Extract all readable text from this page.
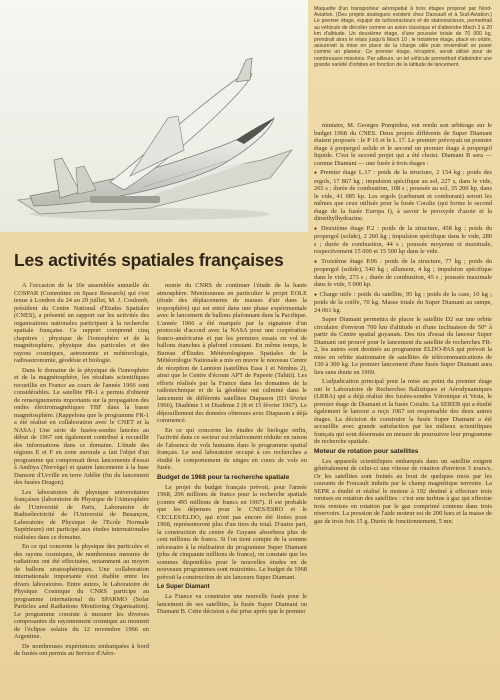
Maquette d'un transporteur aérospatial à trois étages proposé par Nord-Aviation. (Des projets analogues existent chez Dassault et à Sud-Aviation.) Le premier étage, équipé de turboréacteurs et de statoréacteurs, permettrait au véhicule de décoller comme un avion classique et d'atteindre Mach 3 à 20 km d'altitude. Un deuxième étage, d'une poussée totale de 70 000 kg, prendrait alors le relais jusqu'à Mach 10 ; le troisième étage, placé en orbite, assurerait la mise en place de la charge utile puis reviendrait se poser comme un planeur. Ce premier étage, récupéré, serait utilisé pour de nombreuses missions. Par ailleurs, un tel véhicule permettrait d'atteindre une grande variété d'orbites en fonction de la latitude de lancement.
Les activités spatiales françaises

A l'occasion de la 10e assemblée annuelle du COSPAR (Committee on Space Research) qui s'est tenue à Londres du 24 au 29 juillet, M. J. Coulomb, président du Centre National d'Etudes Spatiales (CNES), a présenté un rapport sur les activités des organisations nationales participant à la recherche spatiale française. Ce rapport comprend cinq chapitres : physique de l'ionosphère et de la magnétosphère, physique des particules et des rayons cosmiques, astronomie et météorologie, radioastronomie, géodésie et biologie.

Dans le domaine de la physique de l'ionosphère et de la magnétosphère, les résultats scientifiques recueillis en France au cours de l'année 1966 sont considérables. Le satellite FR-1 a permis d'obtenir de renseignements importants sur la propagation des ondes électromagnétiques TBF dans la basse magnétosphère. (Rappelons que le programme FR-1 a été réalisé en collaboration avec le CNET et la NASA.) Une série de fusées-sondes lancées au début de 1967 ont également contribué à recueillir des informations dans ce domaine. L'étude des régions E et F en zone aurorale a fait l'objet d'un programme qui comprenait deux lancements d'essai à Andöya (Norvège) et quatre lancements à la base Dumont d'Urville en terre Adélie (fin du lancement des fusées Dragon).

Les laboratoires de physique universitaires françaises (laboratoire de Physique de l'Atmosphère de l'Université de Paris, Laboratoire de Radioélectricité de l'Université de Besançon, Laboratoire de Physique de l'Ecole Normale Supérieure) ont participé aux études internationales réalisées dans ce domaine.

En ce qui concerne la physique des particules et des rayons cosmiques, de nombreuses mesures de radiations ont été effectuées, notamment au moyen de ballons stratosphériques. Une collaboration internationale importante s'est établie entre les divers laboratoires. Entre autres, le Laboratoire de Physique Cosmique du CNRS participe au programme international du SPARMO (Solar Particles and Radiations Monitoring Organisation). Le programme consiste à mesurer les diverses composantes du rayonnement cosmique au moment de l'éclipse solaire du 12 novembre 1966 en Argentine.

De nombreuses expériences embarquées à bord de fusées ont permis au Service d'Aéro-

nomie du CNRS de continuer l'étude de la haute atmosphère. Mentionnons en particulier le projet EOLE (étude des déplacements de masses d'air dans la troposphère) qui est entré dans une phase expérimentale avec le lancement de ballons plafonnant dans la Pacifique. L'année 1966 a été marquée par la signature d'un protocole d'accord avec la NASA pour une coopération franco-américaine et par les premiers essais en vol de ballons étanches à plafond constant. En même temps, le Bureau d'Études Météorologiques Spatiales de la Météorologie Nationale a mis en œuvre le nouveau Centre de réception de Lannion (satellites Essa 1 et Nimbus 2), ainsi que le Centre d'écoute APT de Papeete (Tahiti). Les efforts réalisés par la France dans les domaines de la radiotechnique et de la géodésie ont culminé dans le lancement de différents satellites Diapason (D1 février 1966), Diadème 1 et Diadème 2 (8 et 15 février 1967). Le dépouillement des données obtenues avec Diapason a déjà commencé.

En ce qui concerne les études de biologie enfin, l'activité dans ce secteur est relativement réduite en raison de l'absence de vols humains dans le programme spatial français. Le seul laboratoire occupé à ces recherches a étudié le comportement de singes en cours de vols en fusée.

Budget de 1968 pour la recherche spatiale

Le projet du budget français prévoit, pour l'année 1968, 296 millions de francs pour la recherche spatiale (contre 495 millions de francs en 1967). Il est probable que les dépenses pour le CNES/ESRO et le CECLES/ELDO, qui n'ont pas encore été fixées pour 1968, représenteront plus d'un tiers du total. D'autre part, la construction du centre de Guyane absorbera plus de cent millions de francs. Si l'on tient compte de la somme nécessaire à la réalisation du programme Super Diamant (plus de cinquante millions de francs), on constate que les sommes disponibles pour le nouvelles études en de nouveaux programmes sont restreintes. Le budget de 1968 prévoit la construction de six lanceurs Super Diamant.

Le Super Diamant

La France va construire une nouvelle fusée pour le lancement de ses satellites, la fusée Super Diamant ou Diamant B. Cette décision a été prise après que le premier

ministre, M. Georges Pompidou, eut rendu son arbitrage sur le budget 1968 du CNES. Deux projets différents de Super Diamant étaient proposés : le P 16 et le L 17. Le premier prévoyait un premier étage à propergol solide et le second un premier étage à propergol liquide. C'est le second projet qui a été choisi. Diamant B sera — comme Diamant — une fusée à trois étages :

● Premier étage L.17 : poids de la structure, 2 154 kg ; poids des ergols, 17 867 kg ; impulsion spécifique au sol, 227 s, dans le vide, 265 s ; durée de combustion, 108 s ; poussée au sol, 35 200 kp, dans le vide, 41 085 kp. Les ergols (carburant et comburant) seront les mêmes que ceux utilisés pour la fusée Coralie (qui forme le second étage de la fusée Europa I), à savoir le peroxyde d'azote et la diméthylhydrazine.

● Deuxième étage P.2 : poids de la structure, 458 kg ; poids du propergol (solide), 2 260 kg ; impulsion spécifique dans le vide, 280 s ; durée de combustion, 44 s ; poussée moyenne et maximale, respectivement 15 000 et 15 500 kp dans le vide.

● Troisième étage P.06 : poids de la structure, 77 kg ; poids du propergol (solide), 540 kg ; allumeur, 4 kg ; impulsion spécifique dans le vide, 273 s ; durée de combustion, 45 s ; poussée maximale dans le vide, 5 000 kp.

● Charge utile : poids du satellite, 95 kg ; poids de la case, 10 kg ; poids de la coiffe, 70 kg. Masse totale du Super Diamant au rampe, 24 061 kg.

Super Diamant permettra de placer le satellite D2 sur une orbite circulaire d'environ 700 km d'altitude et d'une inclinaison de 50° à partir du Centre spatial guyanais. Des tirs d'essai du lanceur Super Diamant ont prouvé pour le lancement du satellite de recherches FR-2, les autres sont destinés au programme ELDO-PAS qui prévoit la mise en orbite stationnaire de satellites de télécommunications de 150 à 300 kg. Le premier lancement d'une fusée Super Diamant aura lieu sans doute en 1969.

L'adjudication principal pour la mise au point du premier étage ont le Laboratoire de Recherches Balistiques et Aérodynamiques (LRBA) qui a déjà réalisé des fusées-sondes Véronique et Vesta, le premier étage de Diamant et la fusée Coralie. La SEREB qui a étudié également le lanceur a reçu 1967 est responsable des deux autres étages. La décision de construire la fusée Super Diamant a été accueillie avec grande satisfaction par les milieux scientifiques français qui sont désormais en mesure de poursuivre leur programme de recherche spatiale.

Moteur de rotation pour satellites

Les appareils scientifiques embarqués dans un satellite exigent généralement de celui-ci une vitesse de rotation d'environ 5 tours/s. Or les satellites sont freinés au bout de quelques mois par les courants de Foucault induits par le champ magnétique terrestre. La SEPR a étudié et réalisé le moteur à 192 destiné à effectuer trois remises en rotation des satellites : c'est une turbine à gaz qui effectue trois remises en rotation par le gaz comprimé contenu dans trois réservoirs. La pression de l'aide moteur est de 200 bars et la masse de gaz de trois fois 15 g. Durée de fonctionnement, 5 mn.
